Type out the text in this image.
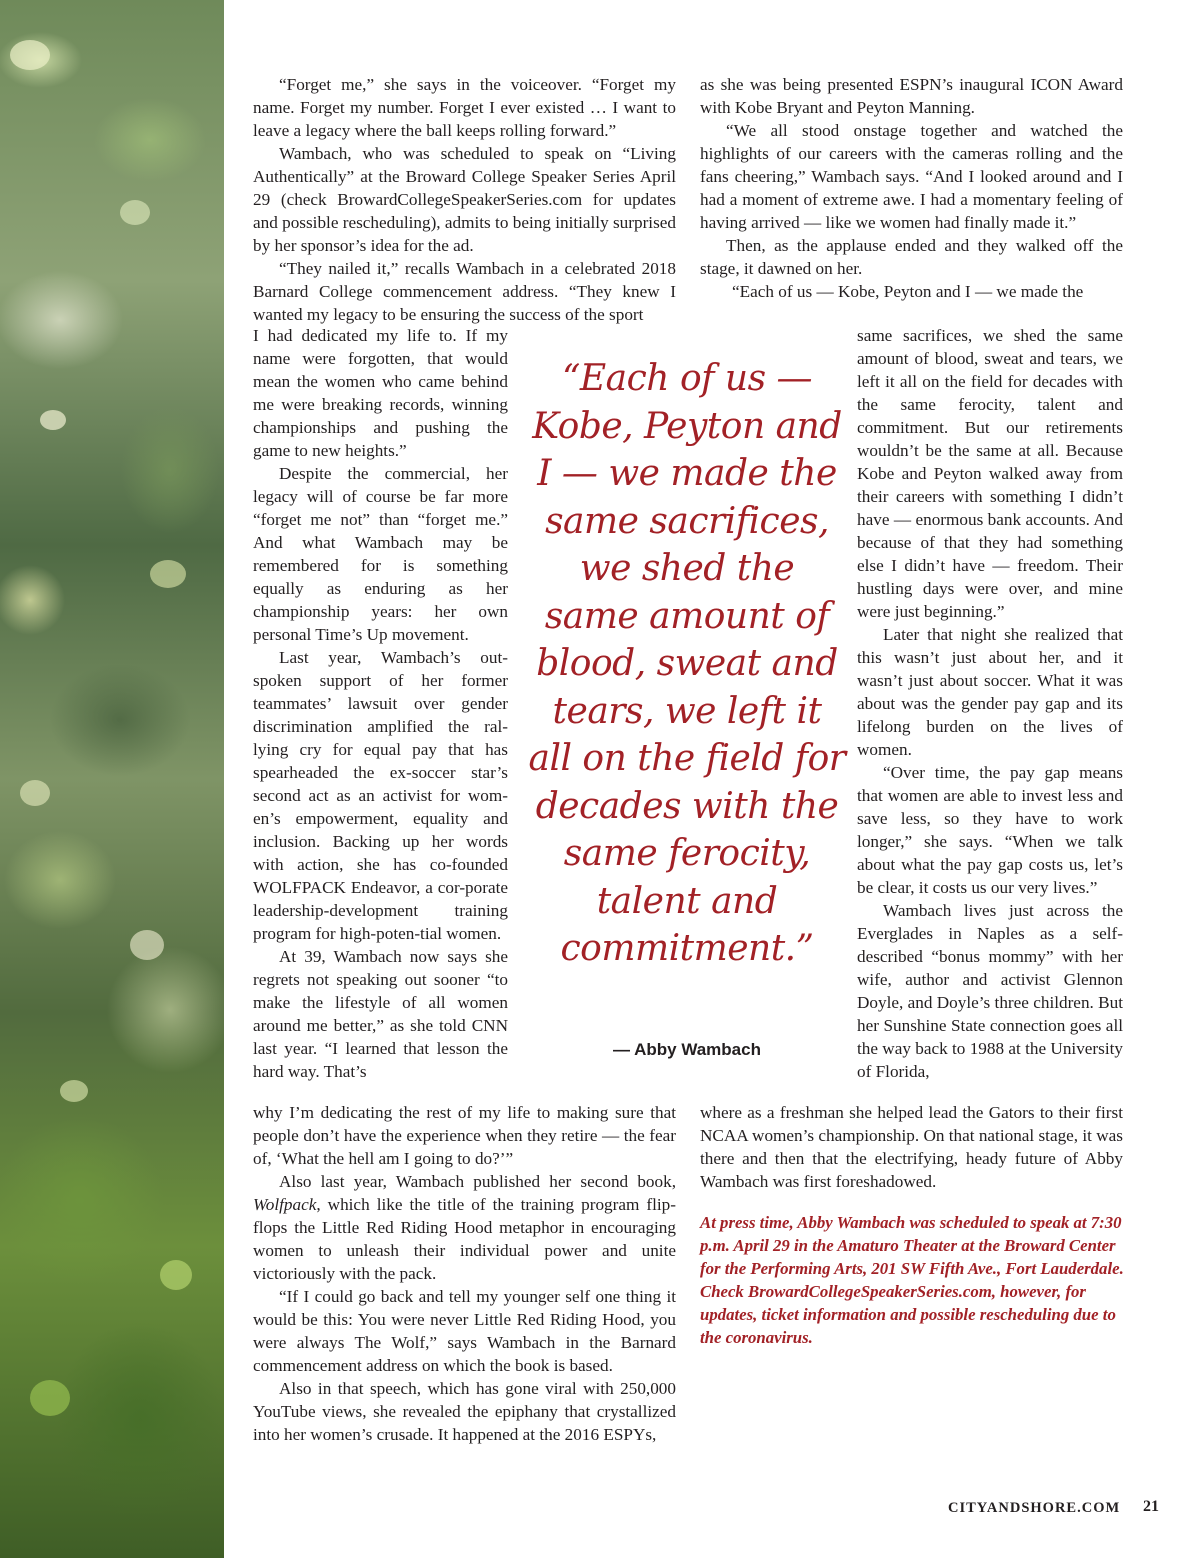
“Forget me,” she says in the voiceover. “Forget my name. Forget my number. Forget I ever existed … I want to leave a legacy where the ball keeps rolling forward.”

Wambach, who was scheduled to speak on “Living Authentically” at the Broward College Speaker Series April 29 (check BrowardCollegeSpeakerSeries.com for updates and possible rescheduling), admits to being initially surprised by her sponsor’s idea for the ad.

“They nailed it,” recalls Wambach in a celebrated 2018 Barnard College commencement address. “They knew I wanted my legacy to be ensuring the success of the sport

I had dedicated my life to. If my name were forgotten, that would mean the women who came behind me were breaking records, winning championships and pushing the game to new heights.”

Despite the commercial, her legacy will of course be far more “forget me not” than “forget me.” And what Wambach may be remembered for is something equally as enduring as her championship years: her own personal Time’s Up movement.

Last year, Wambach’s out-spoken support of her former teammates’ lawsuit over gender discrimination amplified the ral-lying cry for equal pay that has spearheaded the ex-soccer star’s second act as an activist for wom-en’s empowerment, equality and inclusion. Backing up her words with action, she has co-founded WOLFPACK Endeavor, a cor-porate leadership-development training program for high-poten-tial women.

At 39, Wambach now says she regrets not speaking out sooner “to make the lifestyle of all women around me better,” as she told CNN last year. “I learned that lesson the hard way. That’s

why I’m dedicating the rest of my life to making sure that people don’t have the experience when they retire — the fear of, ‘What the hell am I going to do?’”

Also last year, Wambach published her second book, Wolfpack, which like the title of the training program flip-flops the Little Red Riding Hood metaphor in encouraging women to unleash their individual power and unite victoriously with the pack.

“If I could go back and tell my younger self one thing it would be this: You were never Little Red Riding Hood, you were always The Wolf,” says Wambach in the Barnard commencement address on which the book is based.

Also in that speech, which has gone viral with 250,000 YouTube views, she revealed the epiphany that crystallized into her women’s crusade. It happened at the 2016 ESPYs,

as she was being presented ESPN’s inaugural ICON Award with Kobe Bryant and Peyton Manning.

“We all stood onstage together and watched the highlights of our careers with the cameras rolling and the fans cheering,” Wambach says. “And I looked around and I had a moment of extreme awe. I had a momentary feeling of having arrived — like we women had finally made it.”

Then, as the applause ended and they walked off the stage, it dawned on her.

“Each of us — Kobe, Peyton and I — we made the

same sacrifices, we shed the same amount of blood, sweat and tears, we left it all on the field for decades with the same ferocity, talent and commitment. But our retirements wouldn’t be the same at all. Because Kobe and Peyton walked away from their careers with something I didn’t have — enormous bank accounts. And because of that they had something else I didn’t have — freedom. Their hustling days were over, and mine were just beginning.”

Later that night she realized that this wasn’t just about her, and it wasn’t just about soccer. What it was about was the gender pay gap and its lifelong burden on the lives of women.

“Over time, the pay gap means that women are able to invest less and save less, so they have to work longer,” she says. “When we talk about what the pay gap costs us, let’s be clear, it costs us our very lives.”

Wambach lives just across the Everglades in Naples as a self-described “bonus mommy” with her wife, author and activist Glennon Doyle, and Doyle’s three children. But her Sunshine State connection goes all the way back to 1988 at the University of Florida,

where as a freshman she helped lead the Gators to their first NCAA women’s championship. On that national stage, it was there and then that the electrifying, heady future of Abby Wambach was first foreshadowed.

“Each of us — Kobe, Peyton and I — we made the same sacrifices, we shed the same amount of blood, sweat and tears, we left it all on the field for decades with the same ferocity, talent and commitment.”
— Abby Wambach
At press time, Abby Wambach was scheduled to speak at 7:30 p.m. April 29 in the Amaturo Theater at the Broward Center for the Performing Arts, 201 SW Fifth Ave., Fort Lauderdale. Check BrowardCollegeSpeakerSeries.com, however, for updates, ticket information and possible rescheduling due to the coronavirus.
CITYANDSHORE.COM 21
